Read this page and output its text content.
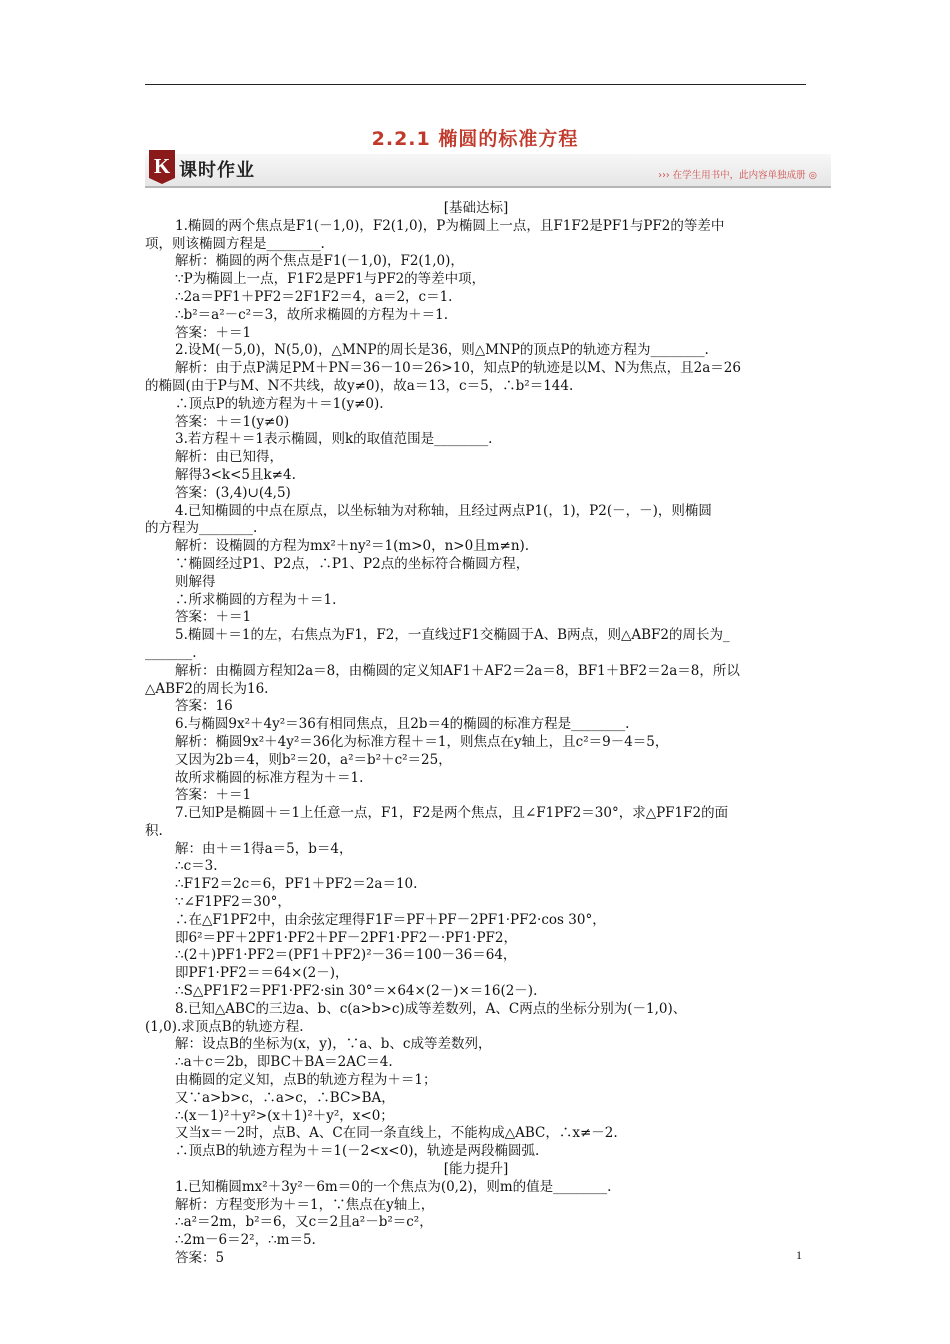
2.2.1 椭圆的标准方程
K 课时作业	››› 在学生用书中，此内容单独成册 ◎
[基础达标]
1.椭圆的两个焦点是F1(－1,0)，F2(1,0)，P为椭圆上一点，且F1F2是PF1与PF2的等差中
项，则该椭圆方程是________.
解析：椭圆的两个焦点是F1(－1,0)，F2(1,0)，
∵P为椭圆上一点，F1F2是PF1与PF2的等差中项，
∴2a＝PF1＋PF2＝2F1F2＝4，a＝2，c＝1.
∴b²＝a²－c²＝3，故所求椭圆的方程为＋＝1.
答案：＋＝1
2.设M(－5,0)，N(5,0)，△MNP的周长是36，则△MNP的顶点P的轨迹方程为________.
解析：由于点P满足PM＋PN＝36－10＝26>10，知点P的轨迹是以M、N为焦点，且2a＝26
的椭圆(由于P与M、N不共线，故y≠0)，故a＝13，c＝5，∴b²＝144.
∴顶点P的轨迹方程为＋＝1(y≠0).
答案：＋＝1(y≠0)
3.若方程＋＝1表示椭圆，则k的取值范围是________.
解析：由已知得，
解得3<k<5且k≠4.
答案：(3,4)∪(4,5)
4.已知椭圆的中点在原点，以坐标轴为对称轴，且经过两点P1(，1)，P2(－，－)，则椭圆
的方程为________.
解析：设椭圆的方程为mx²＋ny²＝1(m>0，n>0且m≠n).
∵椭圆经过P1、P2点，∴P1、P2点的坐标符合椭圆方程，
则解得
∴所求椭圆的方程为＋＝1.
答案：＋＝1
5.椭圆＋＝1的左，右焦点为F1，F2，一直线过F1交椭圆于A、B两点，则△ABF2的周长为_
_______.
解析：由椭圆方程知2a＝8，由椭圆的定义知AF1＋AF2＝2a＝8，BF1＋BF2＝2a＝8，所以
△ABF2的周长为16.
答案：16
6.与椭圆9x²＋4y²＝36有相同焦点，且2b＝4的椭圆的标准方程是________.
解析：椭圆9x²＋4y²＝36化为标准方程＋＝1，则焦点在y轴上，且c²＝9－4＝5，
又因为2b＝4，则b²＝20，a²＝b²＋c²＝25，
故所求椭圆的标准方程为＋＝1.
答案：＋＝1
7.已知P是椭圆＋＝1上任意一点，F1，F2是两个焦点，且∠F1PF2＝30°，求△PF1F2的面
积.
解：由＋＝1得a＝5，b＝4，
∴c＝3.
∴F1F2＝2c＝6，PF1＋PF2＝2a＝10.
∵∠F1PF2＝30°，
∴在△F1PF2中，由余弦定理得F1F＝PF＋PF－2PF1·PF2·cos 30°，
即6²＝PF＋2PF1·PF2＋PF－2PF1·PF2－·PF1·PF2，
∴(2＋)PF1·PF2＝(PF1＋PF2)²－36＝100－36＝64，
即PF1·PF2＝＝64×(2－)，
∴S△PF1F2＝PF1·PF2·sin 30°＝×64×(2－)×＝16(2－).
8.已知△ABC的三边a、b、c(a>b>c)成等差数列，A、C两点的坐标分别为(－1,0)、
(1,0).求顶点B的轨迹方程.
解：设点B的坐标为(x，y)，∵a、b、c成等差数列，
∴a＋c＝2b，即BC＋BA＝2AC＝4.
由椭圆的定义知，点B的轨迹方程为＋＝1；
又∵a>b>c，∴a>c，∴BC>BA，
∴(x－1)²＋y²>(x＋1)²＋y²，x<0；
又当x＝－2时，点B、A、C在同一条直线上，不能构成△ABC，∴x≠－2.
∴顶点B的轨迹方程为＋＝1(－2<x<0)，轨迹是两段椭圆弧.
[能力提升]
1.已知椭圆mx²＋3y²－6m＝0的一个焦点为(0,2)，则m的值是________.
解析：方程变形为＋＝1，∵焦点在y轴上，
∴a²＝2m，b²＝6，又c＝2且a²－b²＝c²，
∴2m－6＝2²，∴m＝5.
答案：5	1
